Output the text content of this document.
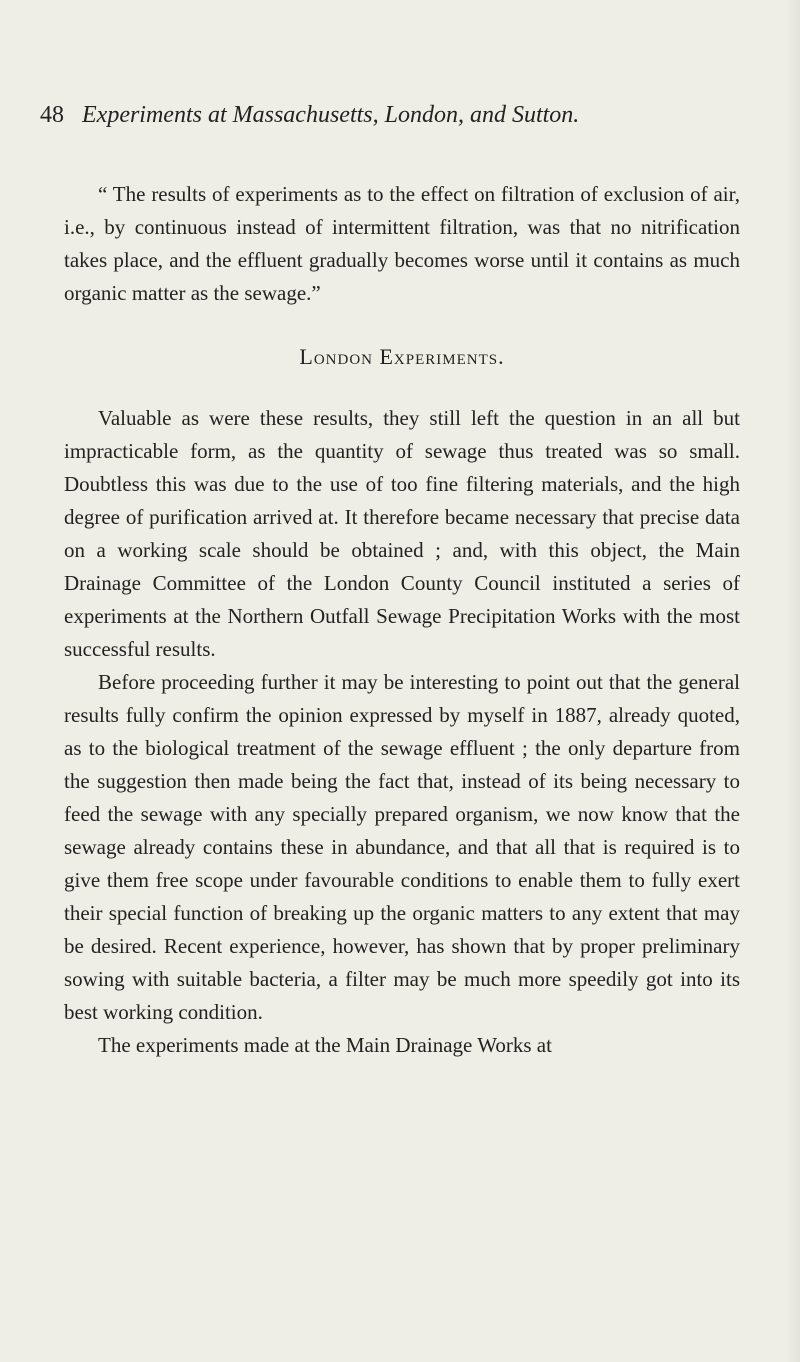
48 Experiments at Massachusetts, London, and Sutton.

“ The results of experiments as to the effect on filtration of exclusion of air, i.e., by continuous instead of intermittent filtration, was that no nitrification takes place, and the effluent gradually becomes worse until it contains as much organic matter as the sewage.”

London Experiments.

Valuable as were these results, they still left the question in an all but impracticable form, as the quantity of sewage thus treated was so small. Doubtless this was due to the use of too fine filtering materials, and the high degree of purification arrived at. It therefore became necessary that precise data on a working scale should be obtained ; and, with this object, the Main Drainage Committee of the London County Council instituted a series of experiments at the Northern Outfall Sewage Precipitation Works with the most successful results.

Before proceeding further it may be interesting to point out that the general results fully confirm the opinion expressed by myself in 1887, already quoted, as to the biological treatment of the sewage effluent ; the only departure from the suggestion then made being the fact that, instead of its being necessary to feed the sewage with any specially prepared organism, we now know that the sewage already contains these in abundance, and that all that is required is to give them free scope under favourable conditions to enable them to fully exert their special function of breaking up the organic matters to any extent that may be desired. Recent experience, however, has shown that by proper preliminary sowing with suitable bacteria, a filter may be much more speedily got into its best working condition.

The experiments made at the Main Drainage Works at
